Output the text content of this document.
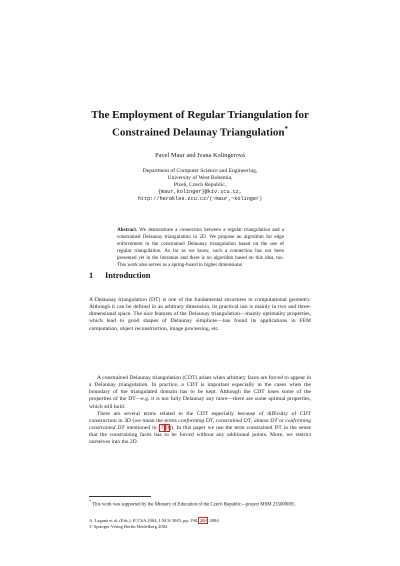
The Employment of Regular Triangulation for
Constrained Delaunay Triangulation*
Pavel Maur and Ivana Kolingerová
Department of Computer Science and Engineering,
University of West Bohemia,
Plzeň, Czech Republic,
{maur,kolinger}@kiv.zcu.cz,
http://herakles.zcu.cz/(~maur,~kolinger)
Abstract. We demonstrate a connection between a regular triangulation and a constrained Delaunay triangulation in 2D. We propose an algorithm for edge enforcement in the constrained Delaunay triangulation based on the use of regular triangulation. As far as we know, such a connection has not been presented yet in the literature and there is no algorithm based on this idea, too. This work also serves as a spring-board to higher dimensions.
1 Introduction

A Delaunay triangulation (DT) is one of the fundamental structures in computational geometry. Although it can be defined in an arbitrary dimension, its practical use is mainly in two and three-dimensional space. The nice features of the Delaunay triangulation—mainly optimality properties, which lead to good shapes of Delaunay simplices—has found its applications in FEM computation, object reconstruction, image processing, etc.

A constrained Delaunay triangulation (CDT) arises when arbitrary faces are forced to appear in a Delaunay triangulation. In practice, a CDT is important especially in the cases when the boundary of the triangulated domain has to be kept. Although the CDT loses some of the properties of the DT—e.g. it is not fully Delaunay any more—there are some optimal properties, which still hold.

There are several terms related to the CDT especially because of difficulty of CDT construction in 3D (we mean the terms conforming DT, constrained DT, almost DT or conforming constrained DT mentioned in [7,9]). In this paper we use the term constrained DT in the sense that the constraining faces has to be forced without any additional points. More, we restrict ourselves into the 2D.

* This work was supported by the Ministry of Education of the Czech Republic—project MSM 235000005.
A. Laganà et al. (Eds.): ICCSA 2004, LNCS 3045, pp. 198–208, 2004.
© Springer-Verlag Berlin Heidelberg 2004
